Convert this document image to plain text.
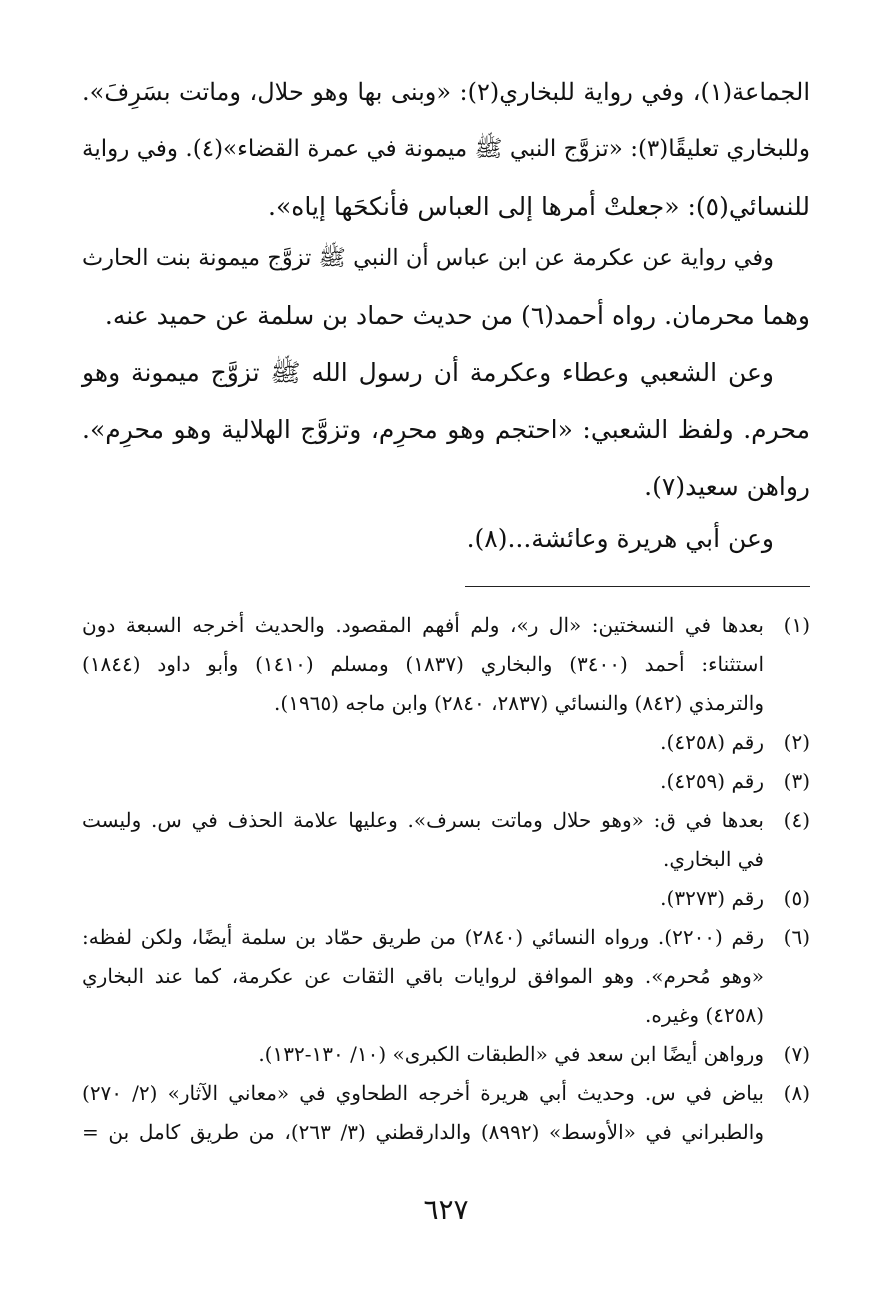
الجماعة(١)، وفي رواية للبخاري(٢): «وبنى بها وهو حلال، وماتت بسَرِفَ».
وللبخاري تعليقًا(٣): «تزوَّج النبي ﷺ ميمونة في عمرة القضاء»(٤). وفي رواية
للنسائي(٥): «جعلتْ أمرها إلى العباس فأنكحَها إياه».
وفي رواية عن عكرمة عن ابن عباس أن النبي ﷺ تزوَّج ميمونة بنت الحارث
وهما محرمان. رواه أحمد(٦) من حديث حماد بن سلمة عن حميد عنه.
وعن الشعبي وعطاء وعكرمة أن رسول الله ﷺ تزوَّج ميمونة وهو
محرم. ولفظ الشعبي: «احتجم وهو محرِم، وتزوَّج الهلالية وهو محرِم».
رواهن سعيد(٧).
وعن أبي هريرة وعائشة...(٨).
(١)
بعدها في النسختين: «ال ر»، ولم أفهم المقصود. والحديث أخرجه السبعة دون
استثناء: أحمد (٣٤٠٠) والبخاري (١٨٣٧) ومسلم (١٤١٠) وأبو داود (١٨٤٤)
والترمذي (٨٤٢) والنسائي (٢٨٣٧، ٢٨٤٠) وابن ماجه (١٩٦٥).
(٢)
رقم (٤٢٥٨).
(٣)
رقم (٤٢٥٩).
(٤)
بعدها في ق: «وهو حلال وماتت بسرف». وعليها علامة الحذف في س. وليست
في البخاري.
(٥)
رقم (٣٢٧٣).
(٦)
رقم (٢٢٠٠). ورواه النسائي (٢٨٤٠) من طريق حمّاد بن سلمة أيضًا، ولكن لفظه:
«وهو مُحرم». وهو الموافق لروايات باقي الثقات عن عكرمة، كما عند البخاري
(٤٢٥٨) وغيره.
(٧)
ورواهن أيضًا ابن سعد في «الطبقات الكبرى» (١٠/ ١٣٠-١٣٢).
(٨)
بياض في س. وحديث أبي هريرة أخرجه الطحاوي في «معاني الآثار» (٢/ ٢٧٠)
والطبراني في «الأوسط» (٨٩٩٢) والدارقطني (٣/ ٢٦٣)، من طريق كامل بن =
٦٢٧
